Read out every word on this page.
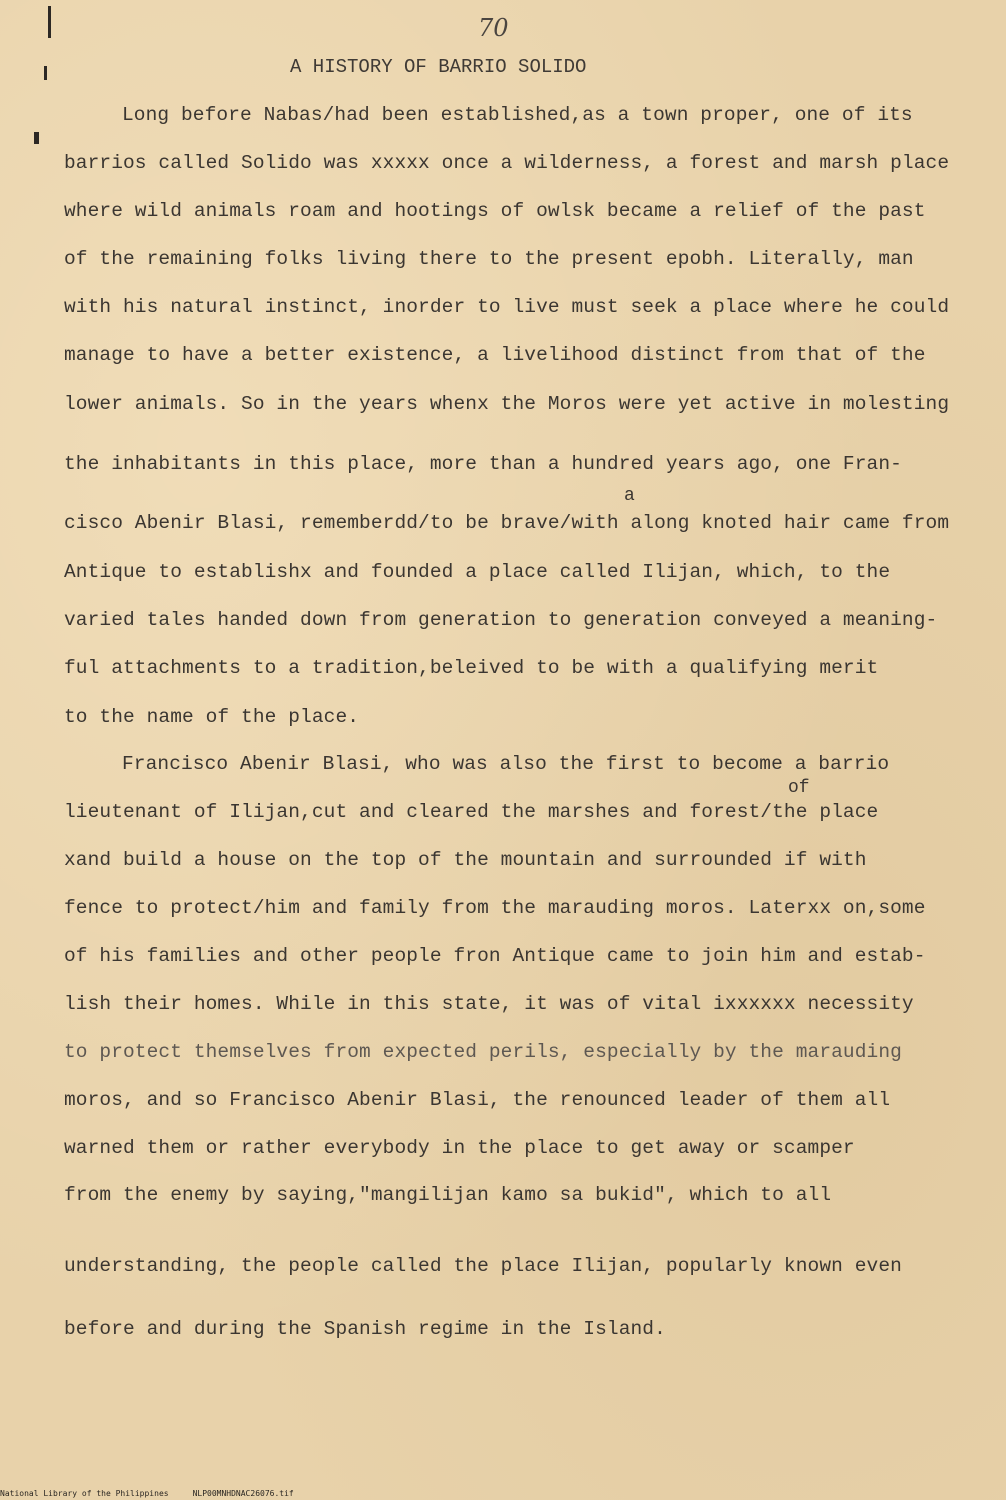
70
A HISTORY OF BARRIO SOLIDO
Long before Nabas/had been established,as a town proper, one of its
barrios called Solido was xxxxx once a wilderness, a forest and marsh place
where wild animals roam and hootings of owlsk became a relief of the past
of the remaining folks living there to the present epobh. Literally, man
with his natural instinct, inorder to live must seek a place where he could
manage to have a better existence, a livelihood distinct from that of the
lower animals. So in the years whenx the Moros were yet active in molesting
the inhabitants in this place, more than a hundred years ago, one Fran-
a
cisco Abenir Blasi, rememberdd/to be brave/with along knoted hair came from
Antique to establishx and founded a place called Ilijan, which, to the
varied tales handed down from generation to generation conveyed a meaning-
ful attachments to a tradition,beleived to be with a qualifying merit
to the name of the place.
Francisco Abenir Blasi, who was also the first to become a barrio
of
lieutenant of Ilijan,cut and cleared the marshes and forest/the place
xand build a house on the top of the mountain and surrounded if with
fence to protect/him and family from the marauding moros. Laterxx on,some
of his families and other people fron Antique came to join him and estab-
lish their homes. While in this state, it was of vital ixxxxxx necessity
to protect themselves from expected perils, especially by the marauding
moros, and so Francisco Abenir Blasi, the renounced leader of them all
warned them or rather everybody in the place to get away or scamper
from the enemy by saying,"mangilijan kamo sa bukid", which to all
understanding, the people called the place Ilijan, popularly known even
before and during the Spanish regime in the Island.
National Library of the Philippines	NLP00MNHDNAC26076.tif
